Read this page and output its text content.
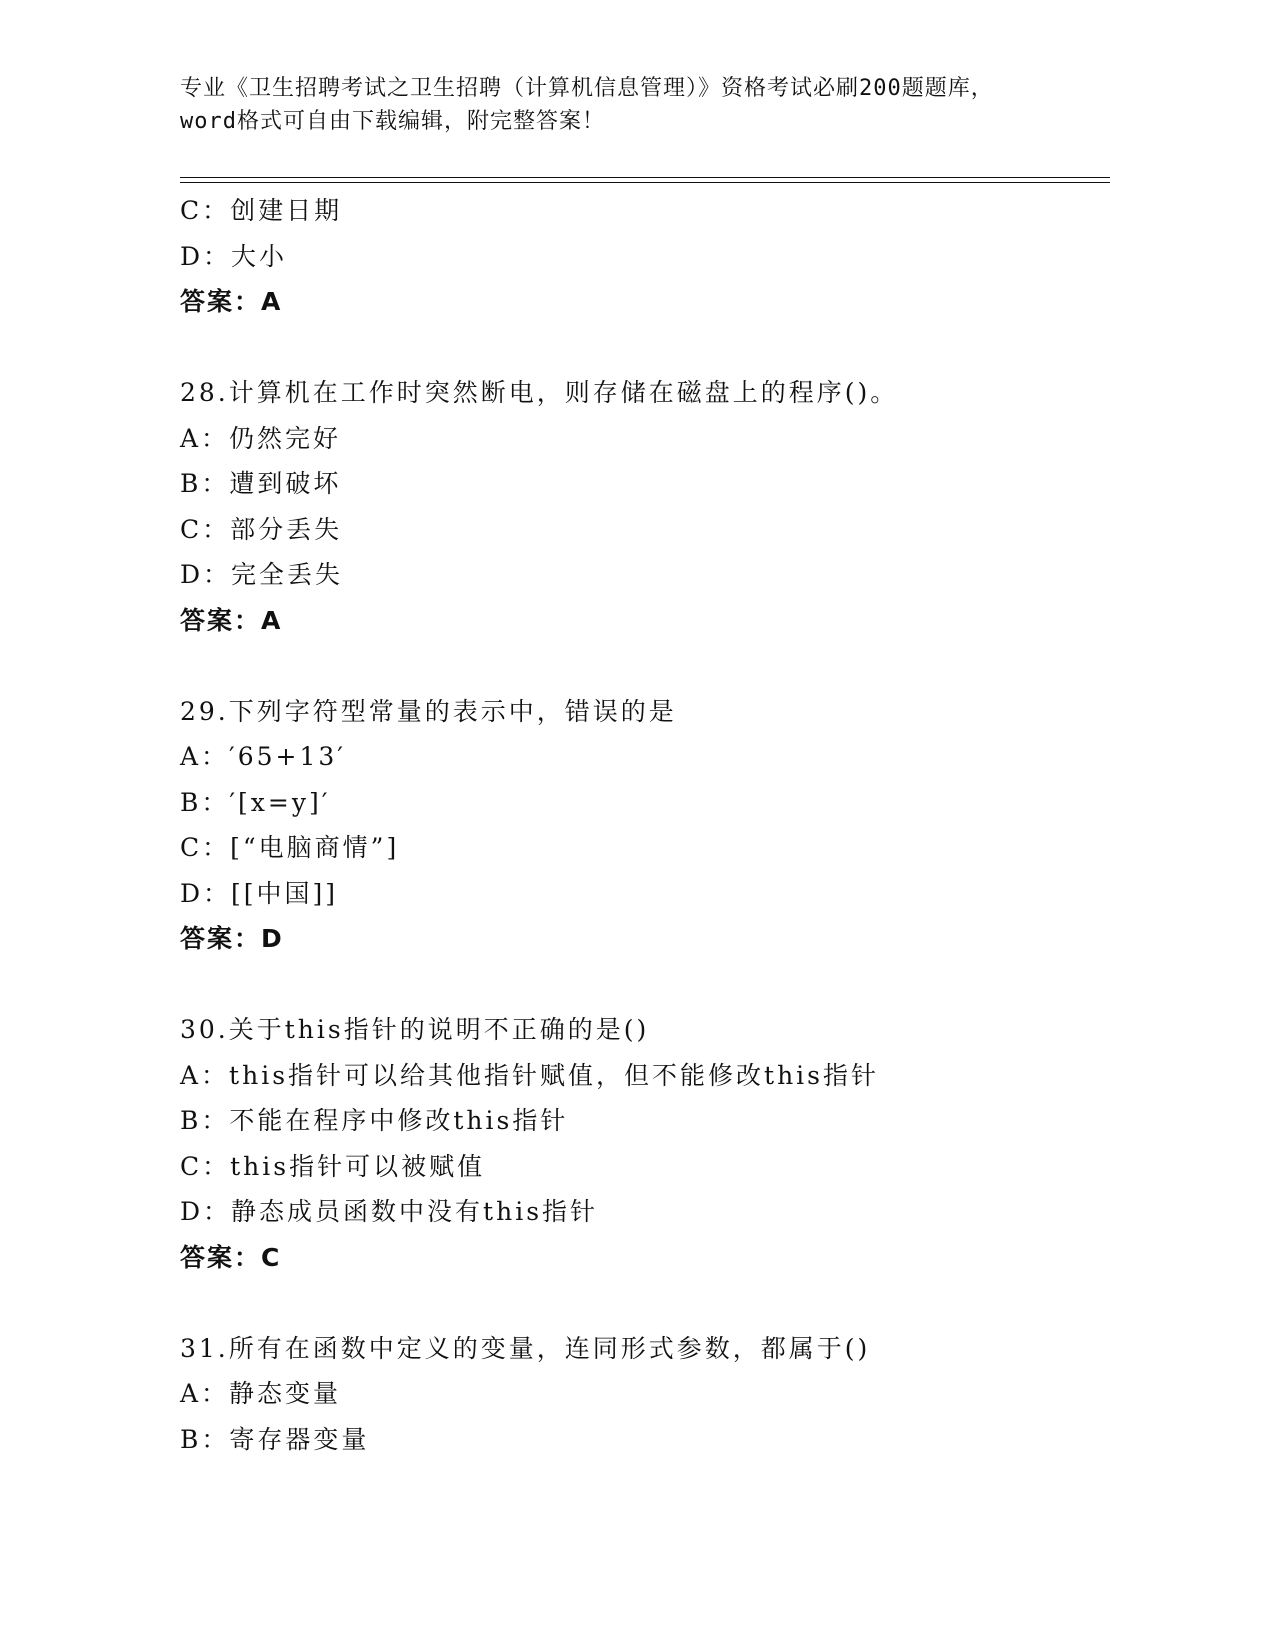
专业《卫生招聘考试之卫生招聘（计算机信息管理）》资格考试必刷200题题库，
word格式可自由下载编辑，附完整答案！
C：创建日期
D：大小
答案：A
28.计算机在工作时突然断电，则存储在磁盘上的程序()。
A：仍然完好
B：遭到破坏
C：部分丢失
D：完全丢失
答案：A
29.下列字符型常量的表示中，错误的是
A：′65+13′
B：′[x=y]′
C：[“电脑商情”]
D：[[中国]]
答案：D
30.关于this指针的说明不正确的是()
A：this指针可以给其他指针赋值，但不能修改this指针
B：不能在程序中修改this指针
C：this指针可以被赋值
D：静态成员函数中没有this指针
答案：C
31.所有在函数中定义的变量，连同形式参数，都属于()
A：静态变量
B：寄存器变量
